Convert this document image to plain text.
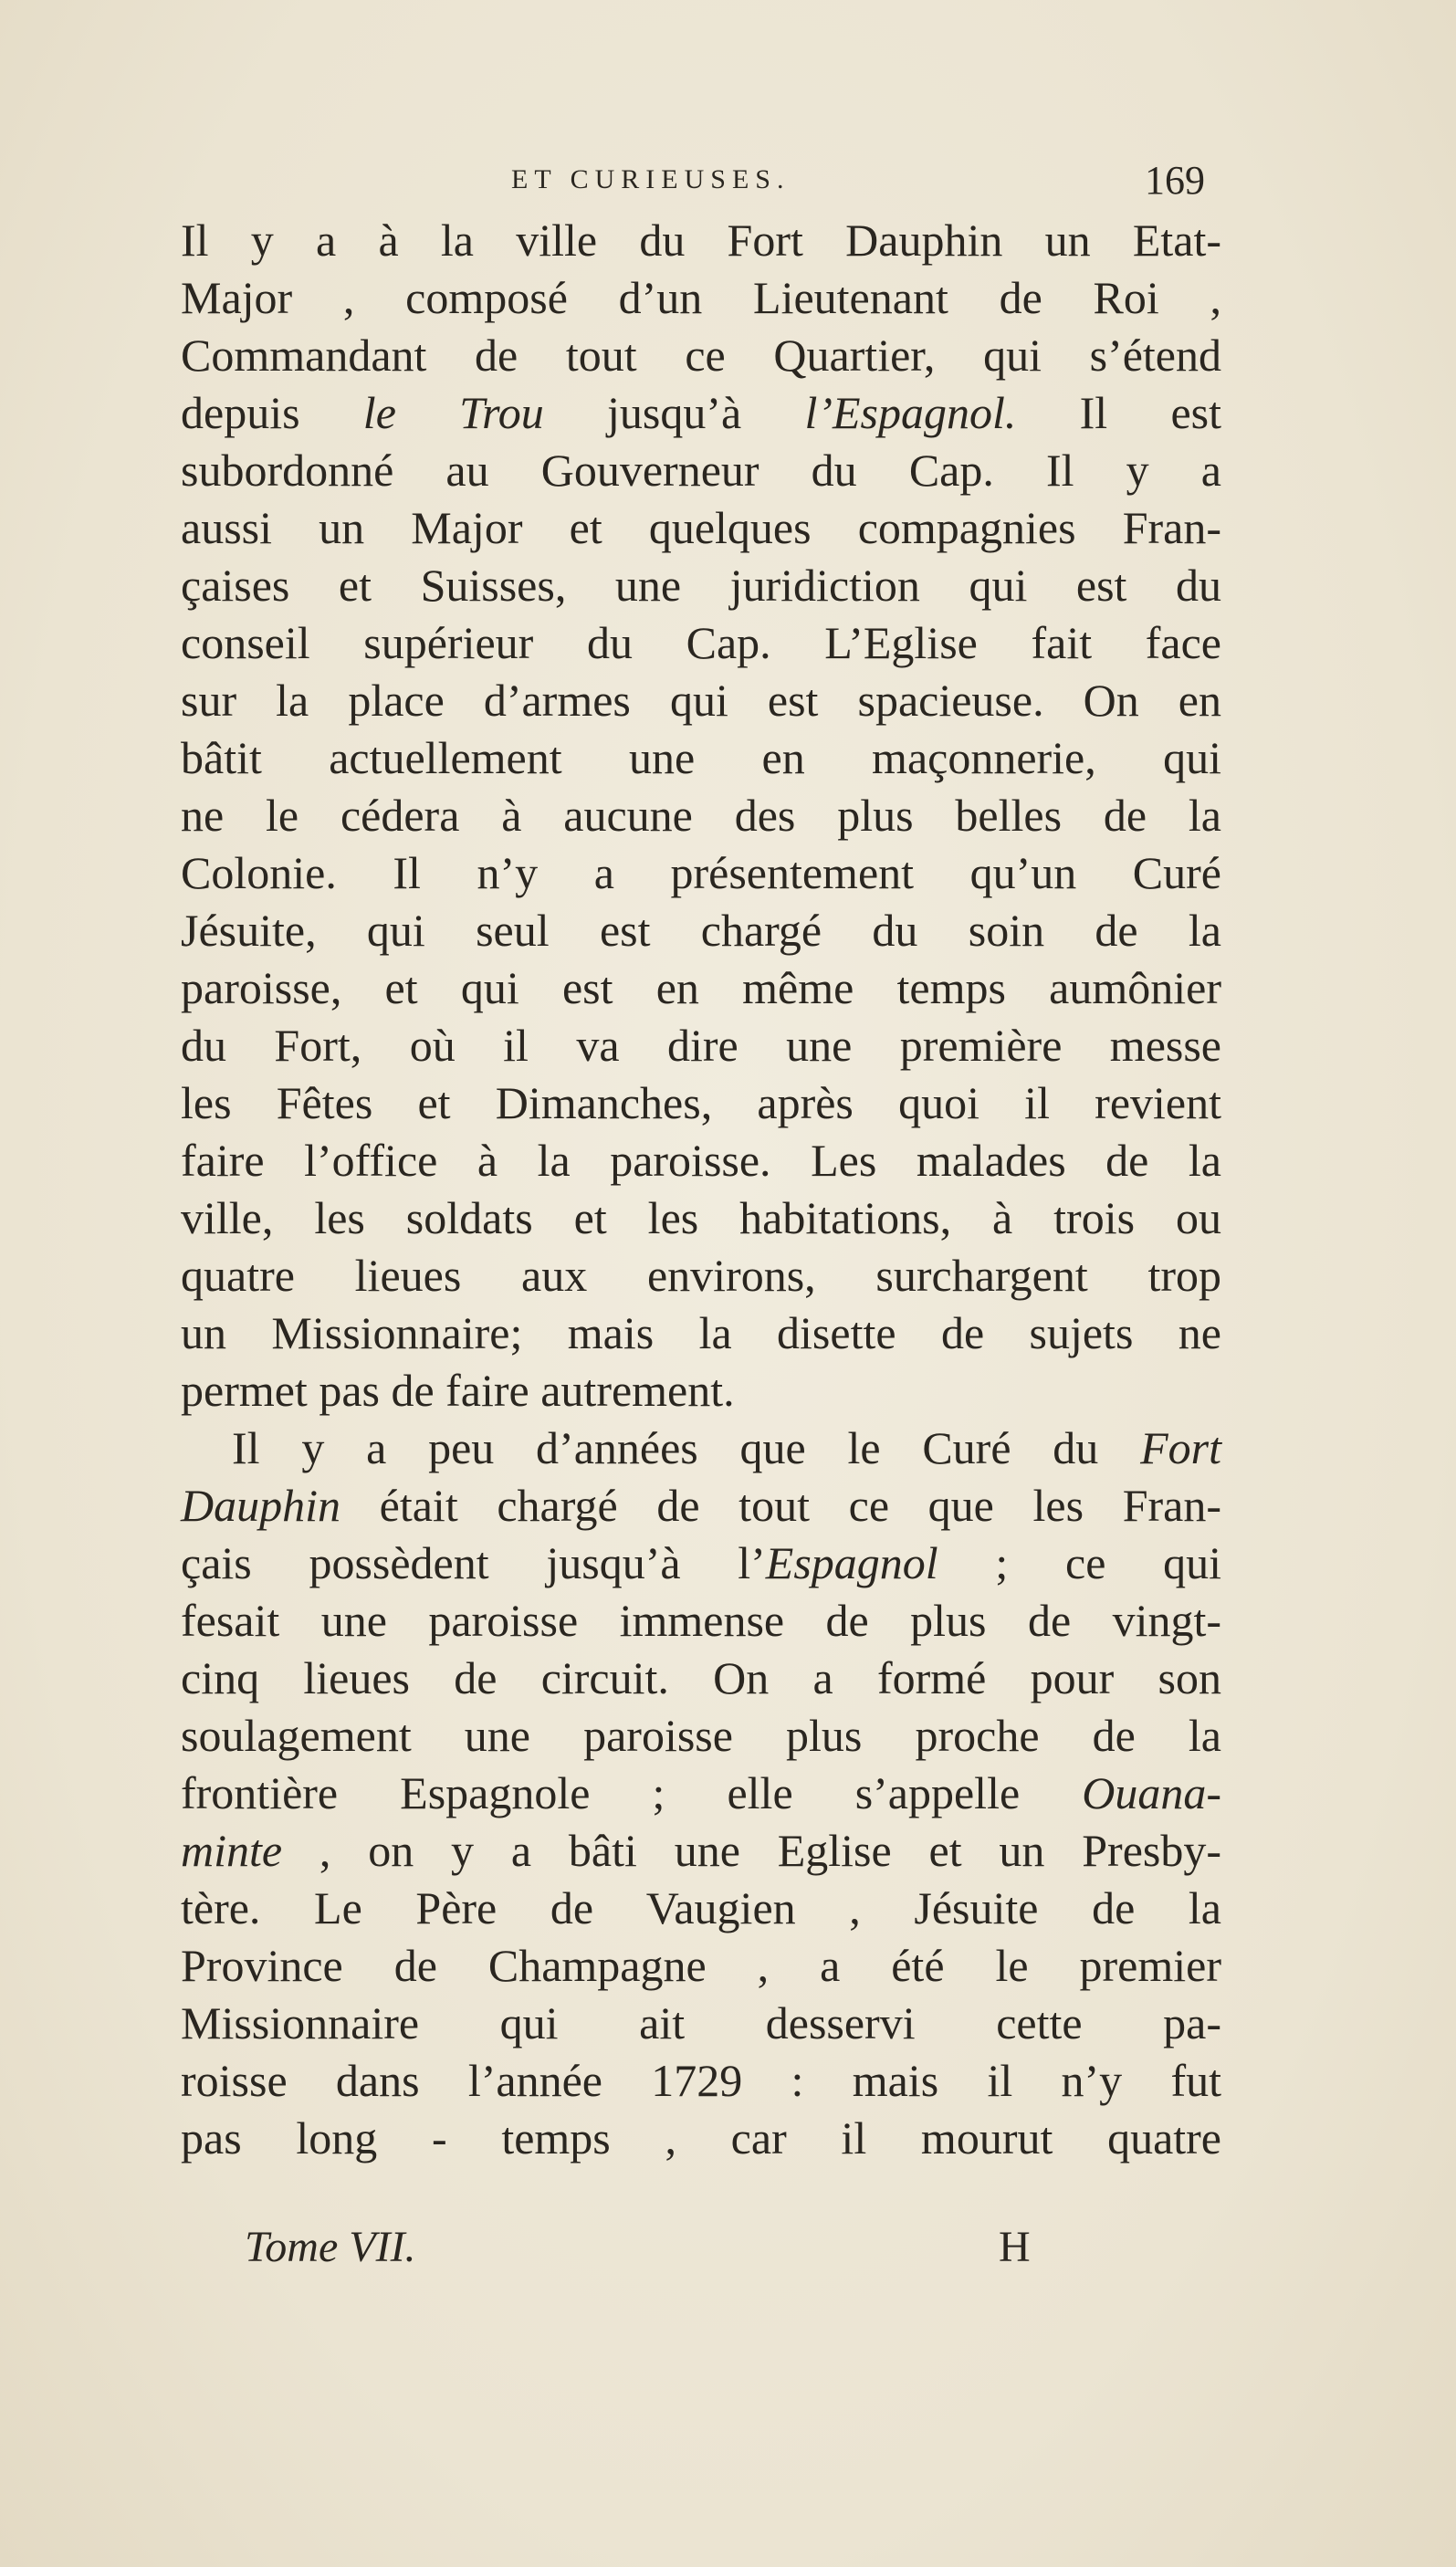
ET CURIEUSES.	169
Il y a à la ville du Fort Dauphin un Etat-
Major , composé d’un Lieutenant de Roi ,
Commandant de tout ce Quartier, qui s’étend
depuis le Trou jusqu’à l’Espagnol. Il est
subordonné au Gouverneur du Cap. Il y a
aussi un Major et quelques compagnies Fran-
çaises et Suisses, une juridiction qui est du
conseil supérieur du Cap. L’Eglise fait face
sur la place d’armes qui est spacieuse. On en
bâtit actuellement une en maçonnerie, qui
ne le cédera à aucune des plus belles de la
Colonie. Il n’y a présentement qu’un Curé
Jésuite, qui seul est chargé du soin de la
paroisse, et qui est en même temps aumônier
du Fort, où il va dire une première messe
les Fêtes et Dimanches, après quoi il revient
faire l’office à la paroisse. Les malades de la
ville, les soldats et les habitations, à trois ou
quatre lieues aux environs, surchargent trop
un Missionnaire; mais la disette de sujets ne
permet pas de faire autrement.
Il y a peu d’années que le Curé du Fort
Dauphin était chargé de tout ce que les Fran-
çais possèdent jusqu’à l’Espagnol ; ce qui
fesait une paroisse immense de plus de vingt-
cinq lieues de circuit. On a formé pour son
soulagement une paroisse plus proche de la
frontière Espagnole ; elle s’appelle Ouana-
minte , on y a bâti une Eglise et un Presby-
tère. Le Père de Vaugien , Jésuite de la
Province de Champagne , a été le premier
Missionnaire qui ait desservi cette pa-
roisse dans l’année 1729 : mais il n’y fut
pas long - temps , car il mourut quatre
Tome VII.	H
